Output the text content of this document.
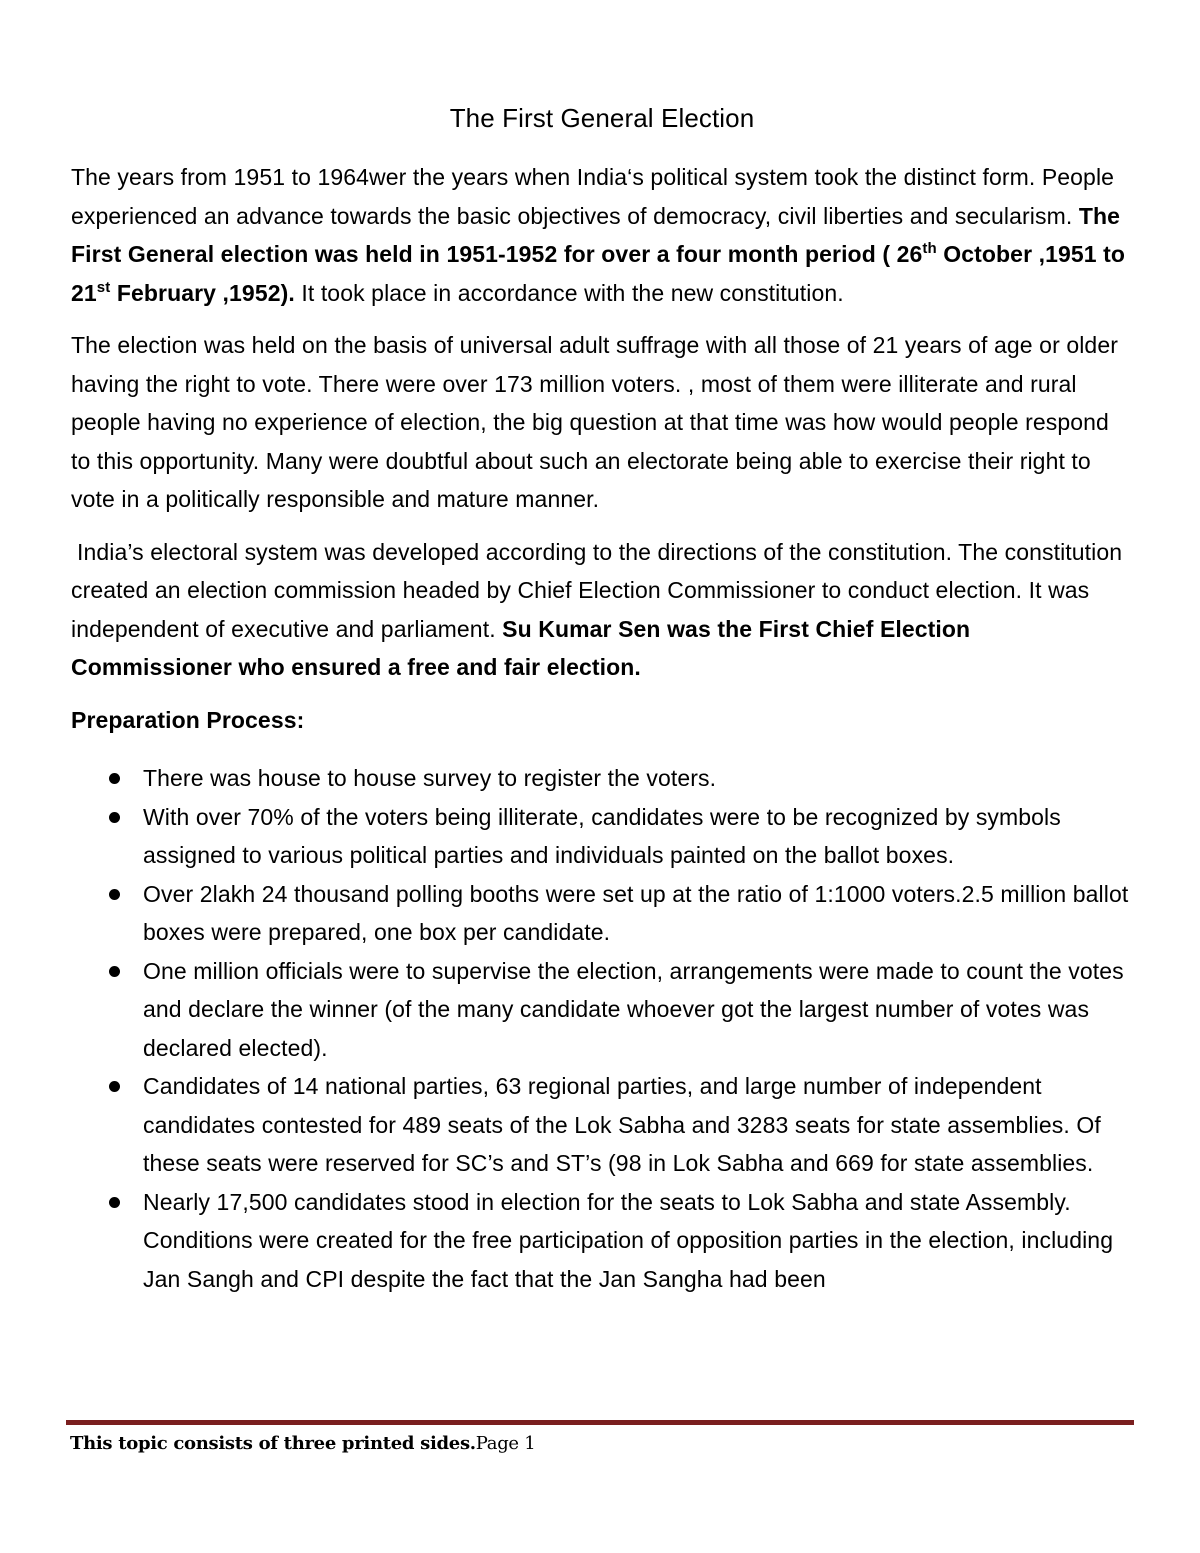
The First General Election

The years from 1951 to 1964wer the years when India‘s political system took the distinct form. People experienced an advance towards the basic objectives of democracy, civil liberties and secularism. The First General election was held in 1951-1952 for over a four month period ( 26th October ,1951 to 21st February ,1952). It took place in accordance with the new constitution.

The election was held on the basis of universal adult suffrage with all those of 21 years of age or older having the right to vote. There were over 173 million voters. , most of them were illiterate and rural people having no experience of election, the big question at that time was how would people respond to this opportunity. Many were doubtful about such an electorate being able to exercise their right to vote in a politically responsible and mature manner.

India’s electoral system was developed according to the directions of the constitution. The constitution created an election commission headed by Chief Election Commissioner to conduct election. It was independent of executive and parliament. Su Kumar Sen was the First Chief Election Commissioner who ensured a free and fair election.

Preparation Process:
There was house to house survey to register the voters.
With over 70% of the voters being illiterate, candidates were to be recognized by symbols assigned to various political parties and individuals painted on the ballot boxes.
Over 2lakh 24 thousand polling booths were set up at the ratio of 1:1000 voters.2.5 million ballot boxes were prepared, one box per candidate.
One million officials were to supervise the election, arrangements were made to count the votes and declare the winner (of the many candidate whoever got the largest number of votes was declared elected).
Candidates of 14 national parties, 63 regional parties, and large number of independent candidates contested for 489 seats of the Lok Sabha and 3283 seats for state assemblies. Of these seats were reserved for SC’s and ST’s (98 in Lok Sabha and 669 for state assemblies.
Nearly 17,500 candidates stood in election for the seats to Lok Sabha and state Assembly. Conditions were created for the free participation of opposition parties in the election, including Jan Sangh and CPI despite the fact that the Jan Sangha had been
This topic consists of three printed sides.Page 1
